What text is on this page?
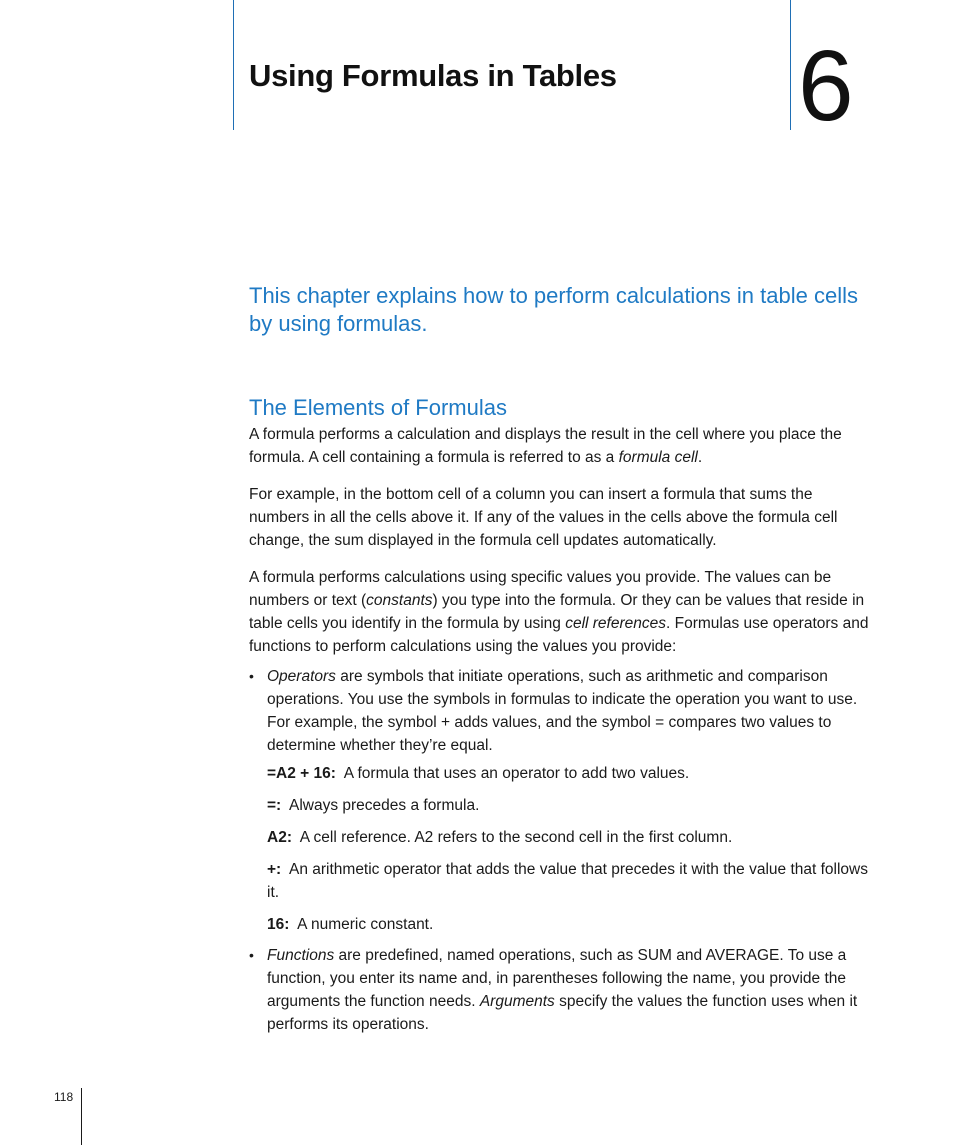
Using Formulas in Tables 6

This chapter explains how to perform calculations in table cells by using formulas.

The Elements of Formulas

A formula performs a calculation and displays the result in the cell where you place the formula. A cell containing a formula is referred to as a formula cell.

For example, in the bottom cell of a column you can insert a formula that sums the numbers in all the cells above it. If any of the values in the cells above the formula cell change, the sum displayed in the formula cell updates automatically.

A formula performs calculations using specific values you provide. The values can be numbers or text (constants) you type into the formula. Or they can be values that reside in table cells you identify in the formula by using cell references. Formulas use operators and functions to perform calculations using the values you provide:

• Operators are symbols that initiate operations, such as arithmetic and comparison operations. You use the symbols in formulas to indicate the operation you want to use. For example, the symbol + adds values, and the symbol = compares two values to determine whether they’re equal.

=A2 + 16: A formula that uses an operator to add two values.

=: Always precedes a formula.

A2: A cell reference. A2 refers to the second cell in the first column.

+: An arithmetic operator that adds the value that precedes it with the value that follows it.

16: A numeric constant.

• Functions are predefined, named operations, such as SUM and AVERAGE. To use a function, you enter its name and, in parentheses following the name, you provide the arguments the function needs. Arguments specify the values the function uses when it performs its operations.

118
